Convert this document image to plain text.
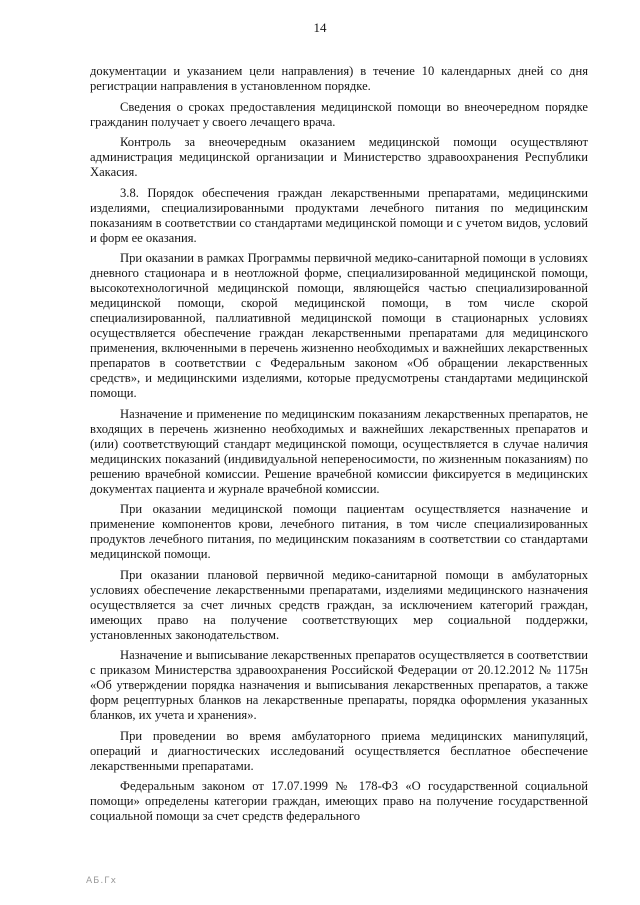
14

документации и указанием цели направления) в течение 10 календарных дней со дня регистрации направления в установленном порядке.

Сведения о сроках предоставления медицинской помощи во внеочередном порядке гражданин получает у своего лечащего врача.

Контроль за внеочередным оказанием медицинской помощи осуществляют администрация медицинской организации и Министерство здравоохранения Республики Хакасия.

3.8. Порядок обеспечения граждан лекарственными препаратами, медицинскими изделиями, специализированными продуктами лечебного питания по медицинским показаниям в соответствии со стандартами медицинской помощи и с учетом видов, условий и форм ее оказания.

При оказании в рамках Программы первичной медико-санитарной помощи в условиях дневного стационара и в неотложной форме, специализированной медицинской помощи, высокотехнологичной медицинской помощи, являющейся частью специализированной медицинской помощи, скорой медицинской помощи, в том числе скорой специализированной, паллиативной медицинской помощи в стационарных условиях осуществляется обеспечение граждан лекарственными препаратами для медицинского применения, включенными в перечень жизненно необходимых и важнейших лекарственных препаратов в соответствии с Федеральным законом «Об обращении лекарственных средств», и медицинскими изделиями, которые предусмотрены стандартами медицинской помощи.

Назначение и применение по медицинским показаниям лекарственных препаратов, не входящих в перечень жизненно необходимых и важнейших лекарственных препаратов и (или) соответствующий стандарт медицинской помощи, осуществляется в случае наличия медицинских показаний (индивидуальной непереносимости, по жизненным показаниям) по решению врачебной комиссии. Решение врачебной комиссии фиксируется в медицинских документах пациента и журнале врачебной комиссии.

При оказании медицинской помощи пациентам осуществляется назначение и применение компонентов крови, лечебного питания, в том числе специализированных продуктов лечебного питания, по медицинским показаниям в соответствии со стандартами медицинской помощи.

При оказании плановой первичной медико-санитарной помощи в амбулаторных условиях обеспечение лекарственными препаратами, изделиями медицинского назначения осуществляется за счет личных средств граждан, за исключением категорий граждан, имеющих право на получение соответствующих мер социальной поддержки, установленных законодательством.

Назначение и выписывание лекарственных препаратов осуществляется в соответствии с приказом Министерства здравоохранения Российской Федерации от 20.12.2012 № 1175н «Об утверждении порядка назначения и выписывания лекарственных препаратов, а также форм рецептурных бланков на лекарственные препараты, порядка оформления указанных бланков, их учета и хранения».

При проведении во время амбулаторного приема медицинских манипуляций, операций и диагностических исследований осуществляется бесплатное обеспечение лекарственными препаратами.

Федеральным законом от 17.07.1999 № 178-ФЗ «О государственной социальной помощи» определены категории граждан, имеющих право на получение государственной социальной помощи за счет средств федерального

АБ.Гх
